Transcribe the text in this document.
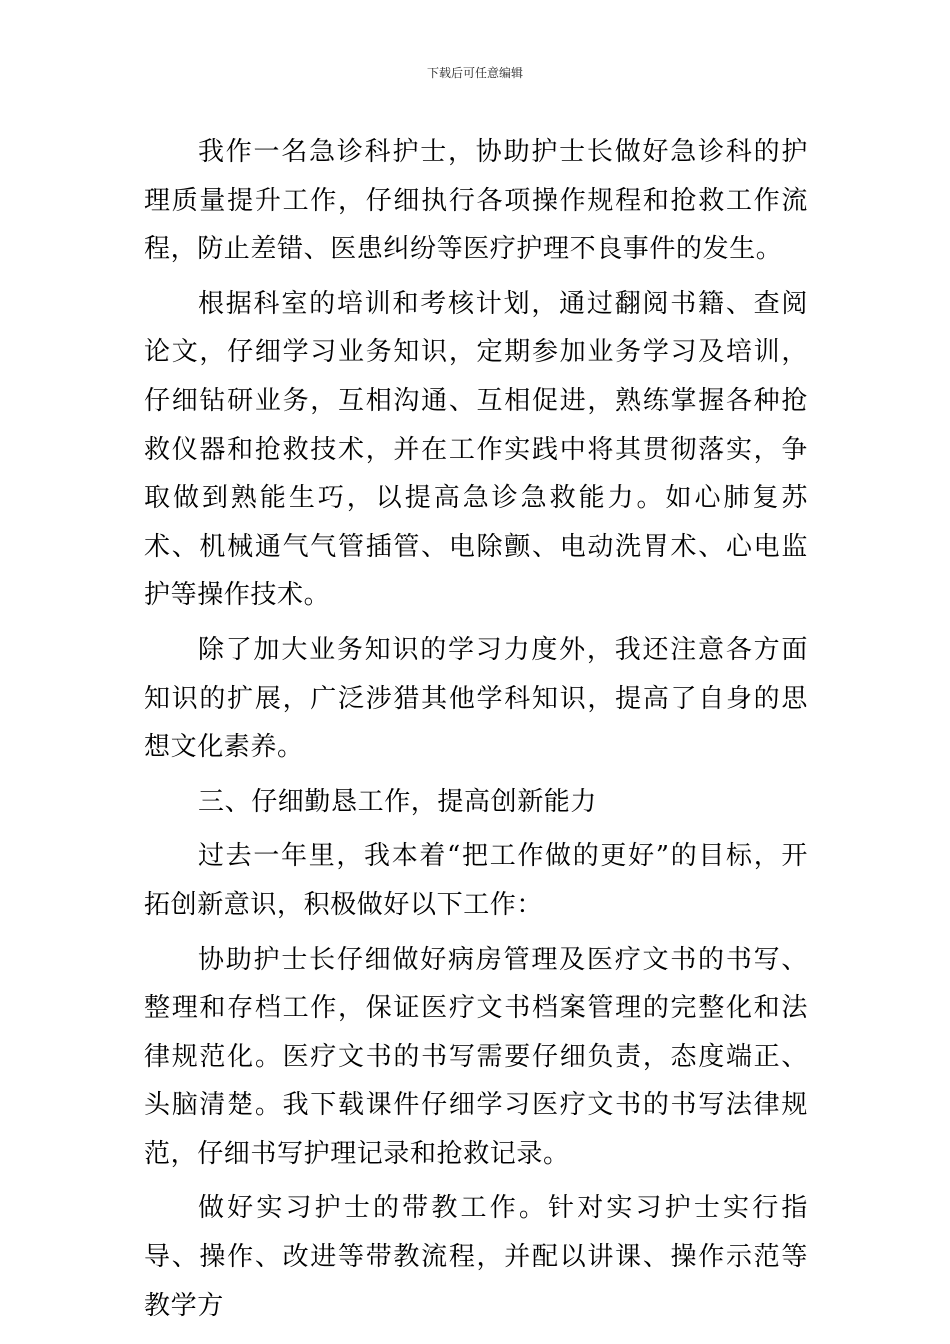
下载后可任意编辑

我作一名急诊科护士，协助护士长做好急诊科的护理质量提升工作，仔细执行各项操作规程和抢救工作流程，防止差错、医患纠纷等医疗护理不良事件的发生。

根据科室的培训和考核计划，通过翻阅书籍、查阅论文，仔细学习业务知识，定期参加业务学习及培训，仔细钻研业务，互相沟通、互相促进，熟练掌握各种抢救仪器和抢救技术，并在工作实践中将其贯彻落实，争取做到熟能生巧，以提高急诊急救能力。如心肺复苏术、机械通气气管插管、电除颤、电动洗胃术、心电监护等操作技术。

除了加大业务知识的学习力度外，我还注意各方面知识的扩展，广泛涉猎其他学科知识，提高了自身的思想文化素养。

三、仔细勤恳工作，提高创新能力

过去一年里，我本着“把工作做的更好”的目标，开拓创新意识，积极做好以下工作：

协助护士长仔细做好病房管理及医疗文书的书写、整理和存档工作，保证医疗文书档案管理的完整化和法律规范化。医疗文书的书写需要仔细负责，态度端正、头脑清楚。我下载课件仔细学习医疗文书的书写法律规范，仔细书写护理记录和抢救记录。

做好实习护士的带教工作。针对实习护士实行指导、操作、改进等带教流程，并配以讲课、操作示范等教学方
